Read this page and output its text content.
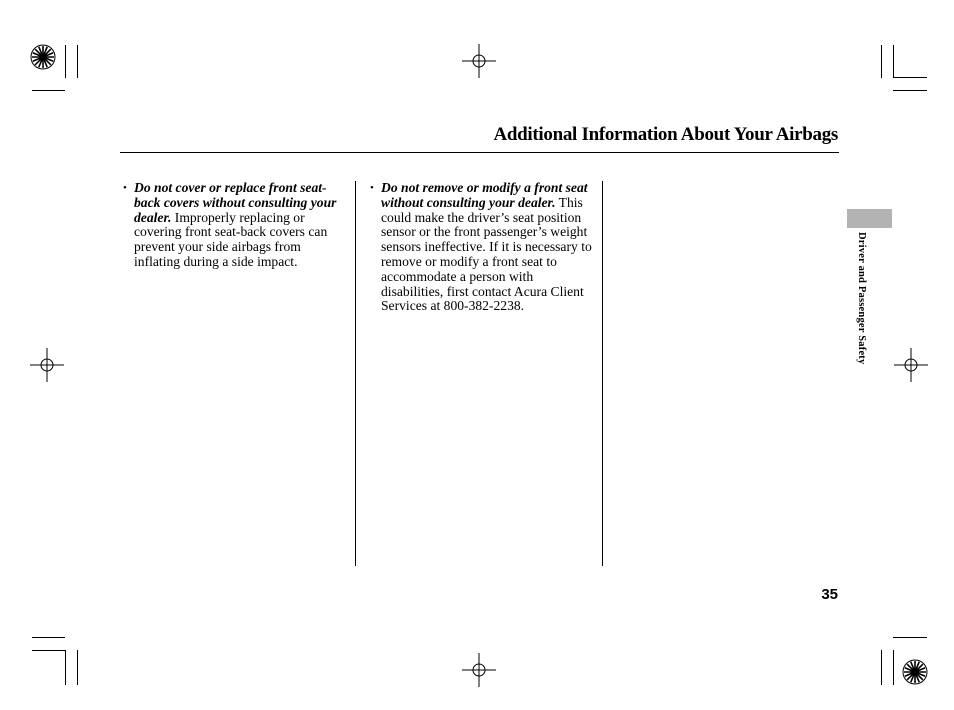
Additional Information About Your Airbags
• Do not cover or replace front seat-back covers without consulting your dealer. Improperly replacing or covering front seat-back covers can prevent your side airbags from inflating during a side impact.
• Do not remove or modify a front seat without consulting your dealer. This could make the driver’s seat position sensor or the front passenger’s weight sensors ineffective. If it is necessary to remove or modify a front seat to accommodate a person with disabilities, first contact Acura Client Services at 800-382-2238.	Driver and Passenger Safety
35
